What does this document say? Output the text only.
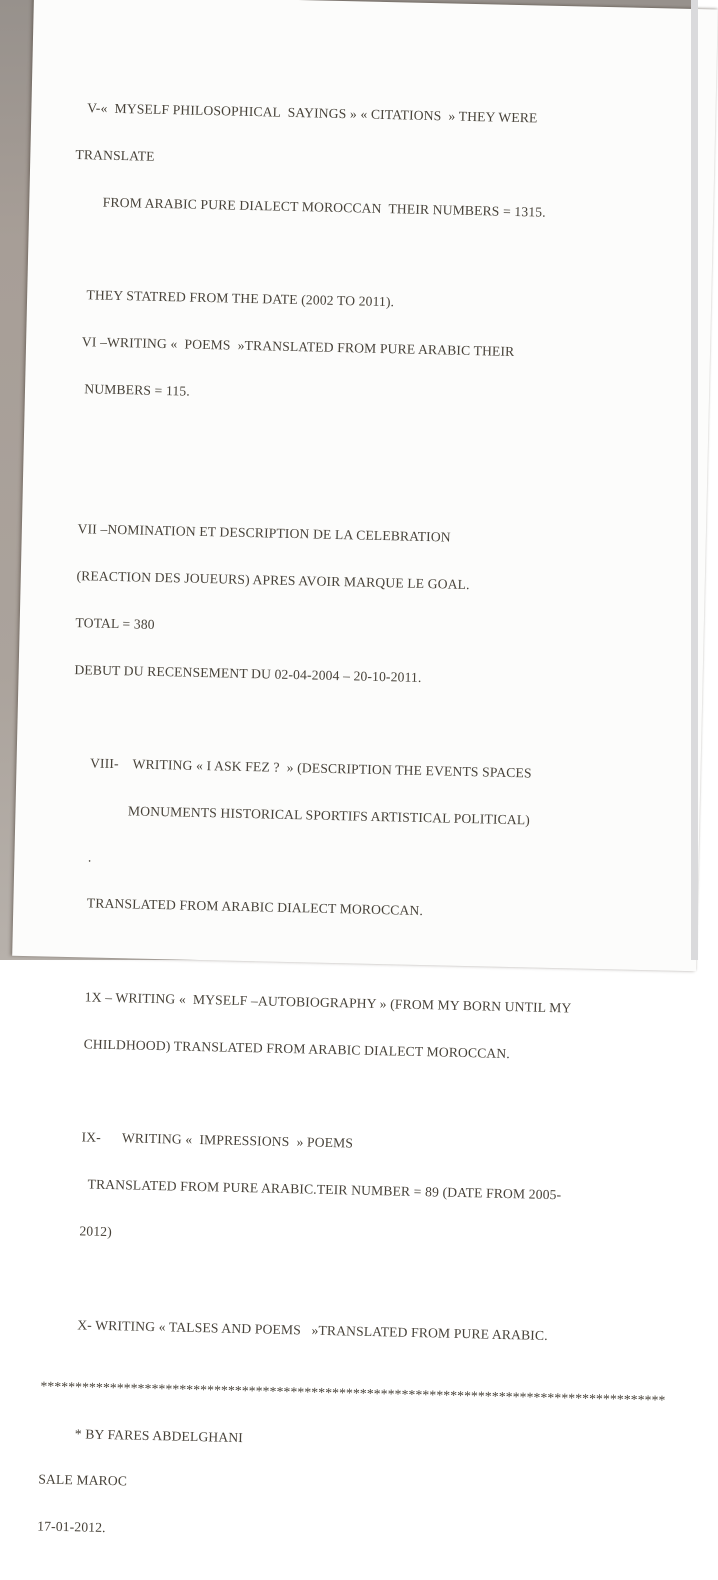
V-«  MYSELF PHILOSOPHICAL  SAYINGS » « CITATIONS  » THEY WERE

TRANSLATE

FROM ARABIC PURE DIALECT MOROCCAN  THEIR NUMBERS = 1315.

THEY STATRED FROM THE DATE (2002 TO 2011).

VI –WRITING «  POEMS  »TRANSLATED FROM PURE ARABIC THEIR

NUMBERS = 115.

VII –NOMINATION ET DESCRIPTION DE LA CELEBRATION

(REACTION DES JOUEURS) APRES AVOIR MARQUE LE GOAL.

TOTAL = 380

DEBUT DU RECENSEMENT DU 02-04-2004 – 20-10-2011.

VIII-    WRITING « I ASK FEZ ?  » (DESCRIPTION THE EVENTS SPACES

MONUMENTS HISTORICAL SPORTIFS ARTISTICAL POLITICAL)

.

TRANSLATED FROM ARABIC DIALECT MOROCCAN.

1X – WRITING «  MYSELF –AUTOBIOGRAPHY » (FROM MY BORN UNTIL MY

CHILDHOOD) TRANSLATED FROM ARABIC DIALECT MOROCCAN.

IX-      WRITING «  IMPRESSIONS  » POEMS

TRANSLATED FROM PURE ARABIC.TEIR NUMBER = 89 (DATE FROM 2005-

2012)

X- WRITING « TALSES AND POEMS   »TRANSLATED FROM PURE ARABIC.

******************************************************************************************

* BY FARES ABDELGHANI

SALE MAROC

17-01-2012.
